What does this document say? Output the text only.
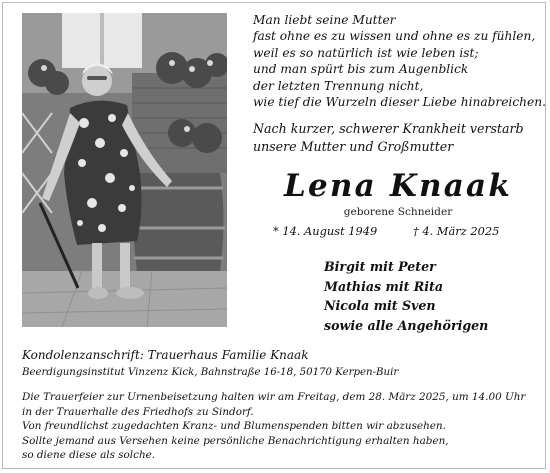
Man liebt seine Mutter
fast ohne es zu wissen und ohne es zu fühlen,
weil es so natürlich ist wie leben ist;
und man spürt bis zum Augenblick
der letzten Trennung nicht,
wie tief die Wurzeln dieser Liebe hinabreichen.
Nach kurzer, schwerer Krankheit verstarb
unsere Mutter und Großmutter
Lena Knaak
geborene Schneider
* 14. August 1949	† 4. März 2025
Birgit mit Peter
Mathias mit Rita
Nicola mit Sven
sowie alle Angehörigen
Kondolenzanschrift: Trauerhaus Familie Knaak
Beerdigungsinstitut Vinzenz Kick, Bahnstraße 16-18, 50170 Kerpen-Buir
Die Trauerfeier zur Urnenbeisetzung halten wir am Freitag, dem 28. März 2025, um 14.00 Uhr
in der Trauerhalle des Friedhofs zu Sindorf.
Von freundlichst zugedachten Kranz- und Blumenspenden bitten wir abzusehen.
Sollte jemand aus Versehen keine persönliche Benachrichtigung erhalten haben,
so diene diese als solche.
